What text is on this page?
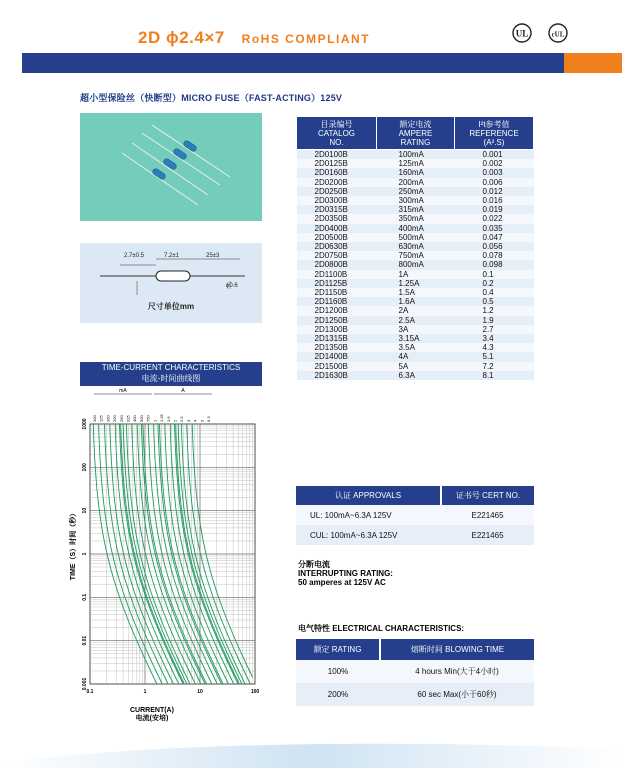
2D ϕ2.4×7 RoHS COMPLIANT	UL	cUL
超小型保险丝（快断型）MICRO FUSE（FAST-ACTING）125V
2.7±0.5	7.2±1	25±3
ϕ0.6
尺寸单位mm
目录编号
CATALOG
NO.	额定电流
AMPERE
RATING	I²t参考值
REFERENCE
(A².S)
2D0100B	100mA	0.001
2D0125B	125mA	0.002
2D0160B	160mA	0.003
2D0200B	200mA	0.006
2D0250B	250mA	0.012
2D0300B	300mA	0.016
2D0315B	315mA	0.019
2D0350B	350mA	0.022
2D0400B	400mA	0.035
2D0500B	500mA	0.047
2D0630B	630mA	0.056
2D0750B	750mA	0.078
2D0800B	800mA	0.098
2D1100B	1A	0.1
2D1125B	1.25A	0.2
2D1150B	1.5A	0.4
2D1160B	1.6A	0.5
2D1200B	2A	1.2
2D1250B	2.5A	1.9
2D1300B	3A	2.7
2D1315B	3.15A	3.4
2D1350B	3.5A	4.3
2D1400B	4A	5.1
2D1500B	5A	7.2
2D1630B	6.3A	8.1
TIME-CURRENT CHARACTERISTICS
电流-时间曲线图
0.1	1	10	100
0.001
0.01
0.1
1
10
100
1000 100 125 160 200 250 315 400 500 750 1 1.25 1.6 2 2.5 3 4 5 6.3
mA	A
TIME（S）时间（秒）
CURRENT(A)
电流(安培)
认证 APPROVALS	证书号 CERT NO.
UL: 100mA~6.3A 125V	E221465
CUL: 100mA~6.3A 125V	E221465
分断电流
INTERRUPTING RATING:
50 amperes at 125V AC
电气特性 ELECTRICAL CHARACTERISTICS:
额定 RATING	熔断时间 BLOWING TIME
100%	4 hours Min(大于4小时)
200%	60 sec Max(小于60秒)
